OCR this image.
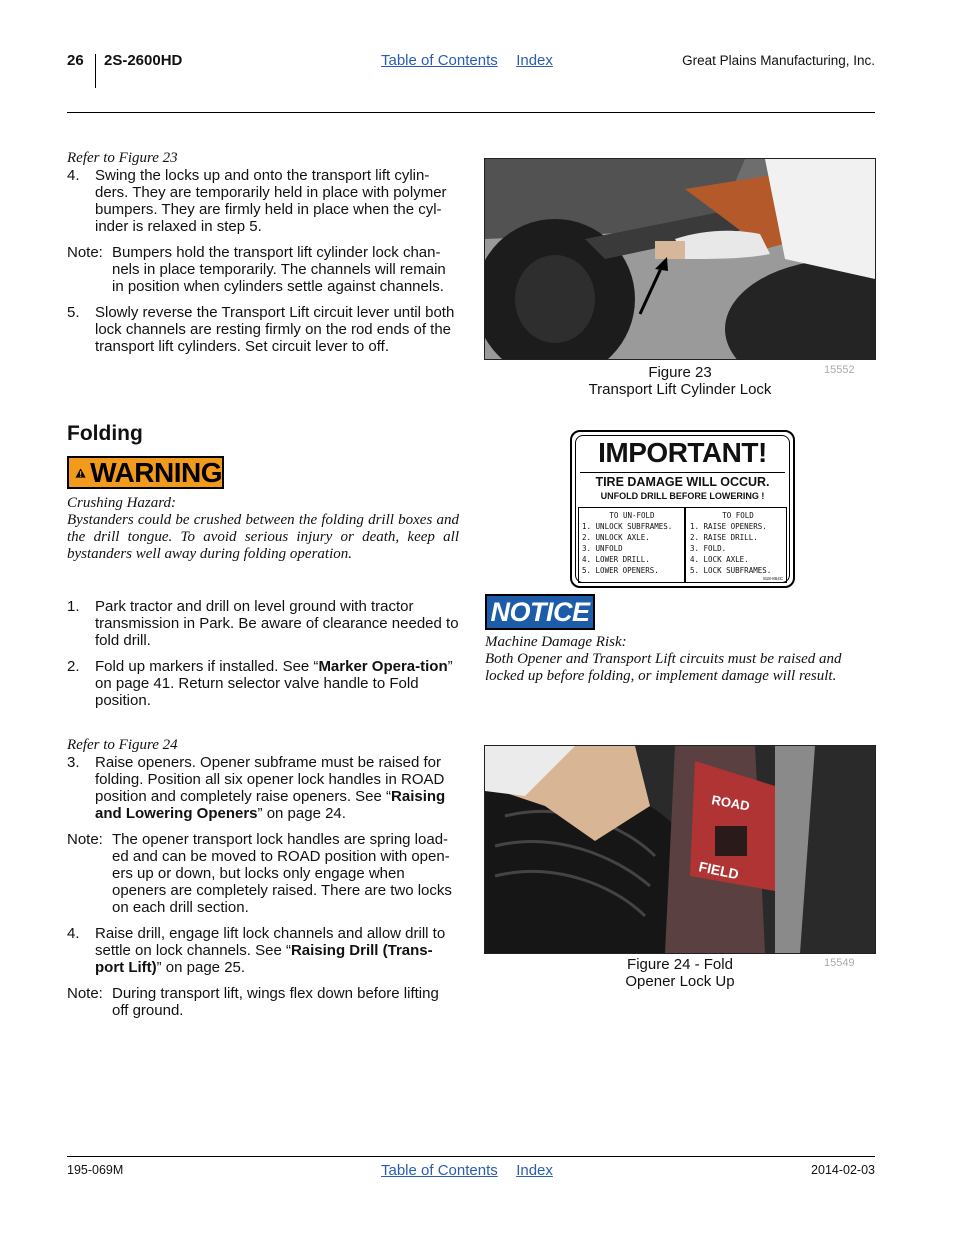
26 2S-2600HD	Table of Contents Index	Great Plains Manufacturing, Inc.
Refer to Figure 23
4.	Swing the locks up and onto the transport lift cylin-ders. They are temporarily held in place with polymer bumpers. They are firmly held in place when the cyl-inder is relaxed in step 5.
Note: Bumpers hold the transport lift cylinder lock chan-nels in place temporarily. The channels will remain in position when cylinders settle against channels.
5.	Slowly reverse the Transport Lift circuit lever until both lock channels are resting firmly on the rod ends of the transport lift cylinders. Set circuit lever to off.
Figure 23
Transport Lift Cylinder Lock
15552
Folding
WARNING
Crushing Hazard:
Bystanders could be crushed between the folding drill boxes and the drill tongue. To avoid serious injury or death, keep all bystanders well away during folding operation.
1.	Park tractor and drill on level ground with tractor transmission in Park. Be aware of clearance needed to fold drill.
2.	Fold up markers if installed. See “Marker Opera-tion” on page 41. Return selector valve handle to Fold position.
Refer to Figure 24
3.	Raise openers. Opener subframe must be raised for folding. Position all six opener lock handles in ROAD position and completely raise openers. See “Raising and Lowering Openers” on page 24.
Note: The opener transport lock handles are spring load-ed and can be moved to ROAD position with open-ers up or down, but locks only engage when openers are completely raised. There are two locks on each drill section.
4.	Raise drill, engage lift lock channels and allow drill to settle on lock channels. See “Raising Drill (Trans-port Lift)” on page 25.
Note: During transport lift, wings flex down before lifting off ground.
IMPORTANT!
TIRE DAMAGE WILL OCCUR.
UNFOLD DRILL BEFORE LOWERING !
TO UN-FOLD
1. UNLOCK SUBFRAMES.
2. UNLOCK AXLE.
3. UNFOLD
4. LOWER DRILL.
5. LOWER OPENERS.
TO FOLD
1. RAISE OPENERS.
2. RAISE DRILL.
3. FOLD.
4. LOCK AXLE.
5. LOCK SUBFRAMES.
818-864C
NOTICE
Machine Damage Risk:
Both Opener and Transport Lift circuits must be raised and locked up before folding, or implement damage will result.
ROAD
FIELD
Figure 24 - Fold
Opener Lock Up
15549
195-069M	Table of Contents Index	2014-02-03
